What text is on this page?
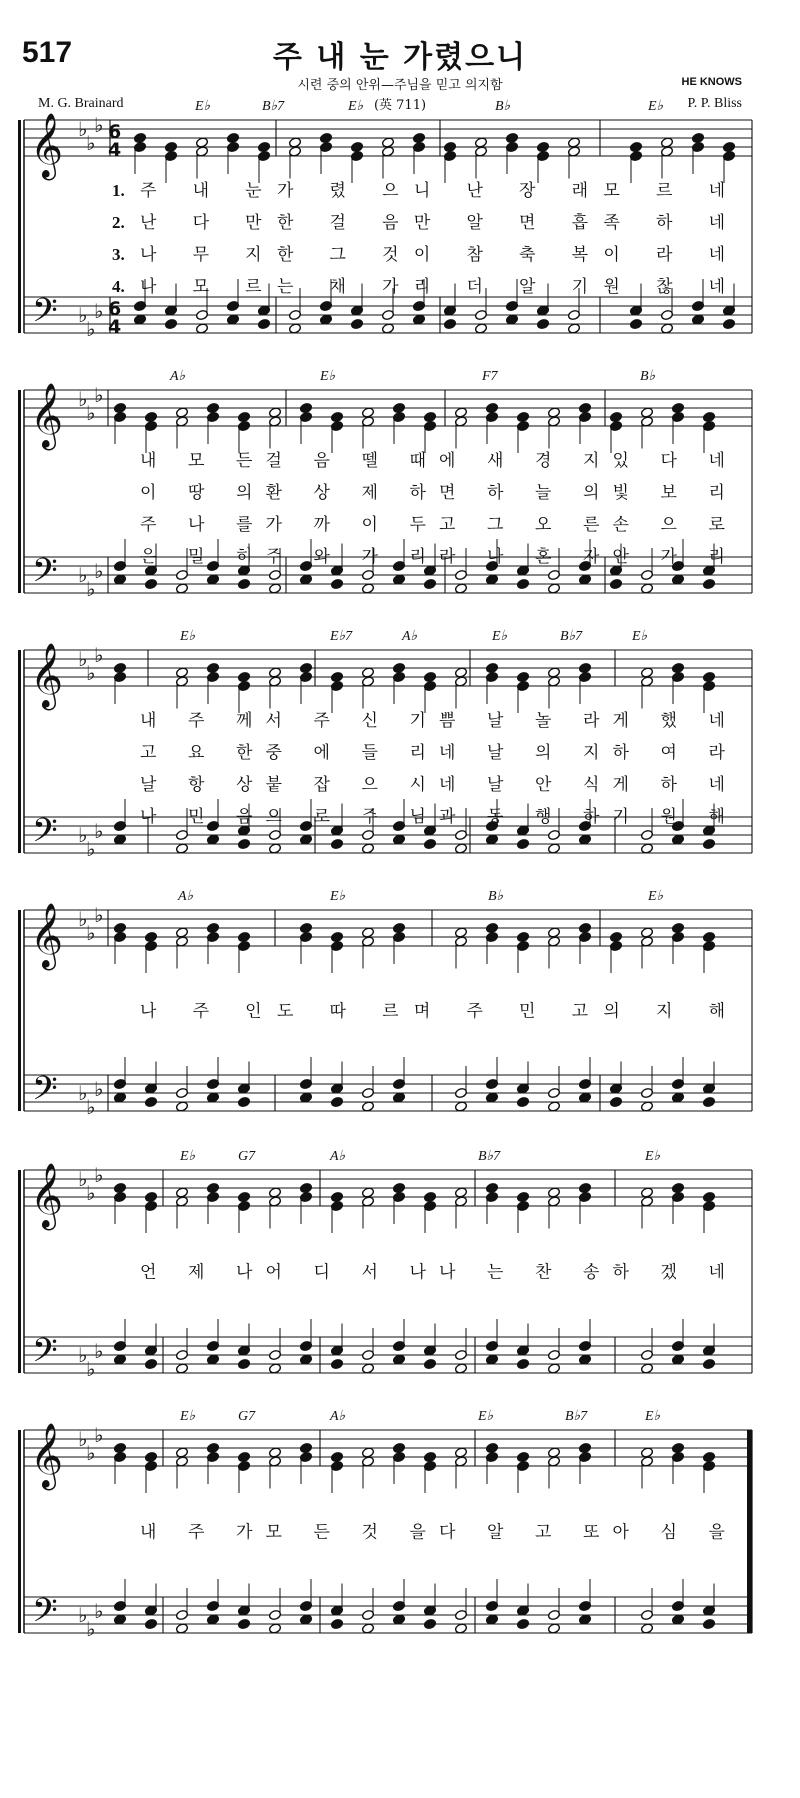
517	주 내 눈 가렸으니
시련 중의 안위—주님을 믿고 의지함
(英 711)
HE KNOWS
M. G. Brainard	P. P. Bliss
𝄞 ♭
♭
♭ 6
4
𝄢 ♭
♭
♭ 6
4
E♭	B♭7	E♭	B♭	E♭
1. 주 내 눈가 렸 으니 난 장 래모 르 네
2. 난 다 만한 걸 음만 알 면 흡족 하 네
3. 나 무 지한 그 것이 참 축 복이 라 네
4. 나 모 르는 채 가리 더 알 기원 찮 네
𝄞 ♭
♭
♭
𝄢 ♭
♭
♭
A♭	E♭	F7	B♭
내 모 든걸 음 뗄 때에 새 경 지있 다 네
이 땅 의환 상 제 하면 하 늘 의빛 보 리
주 나 를가 까 이 두고 그 오 른손 으 로
은 밀 히주 와 가 리라 나 혼 자안 가 리
𝄞 ♭
♭
♭
𝄢 ♭
♭
♭
E♭	E♭7	A♭	E♭	B♭7	E♭
내 주 께서 주 신 기쁨 날 놀 라게 했 네
고 요 한중 에 들 리네 날 의 지하 여 라
날 항 상붙 잡 으 시네 날 안 식게 하 네
나 민 음으 로 주 님과 동 행 하기 원 해
𝄞 ♭
♭
♭
𝄢 ♭
♭
♭
A♭	E♭	B♭	E♭
나 주 인도 따 르며 주 민 고의 지 해
𝄞 ♭
♭
♭
𝄢 ♭
♭
♭
E♭	G7	A♭	B♭7	E♭
언 제 나어 디 서 나나 는 찬 송하 겠 네
𝄞 ♭
♭
♭
𝄢 ♭
♭
♭
E♭	G7	A♭	E♭	B♭7	E♭
내 주 가모 든 것 을다 알 고 또아 심 을
